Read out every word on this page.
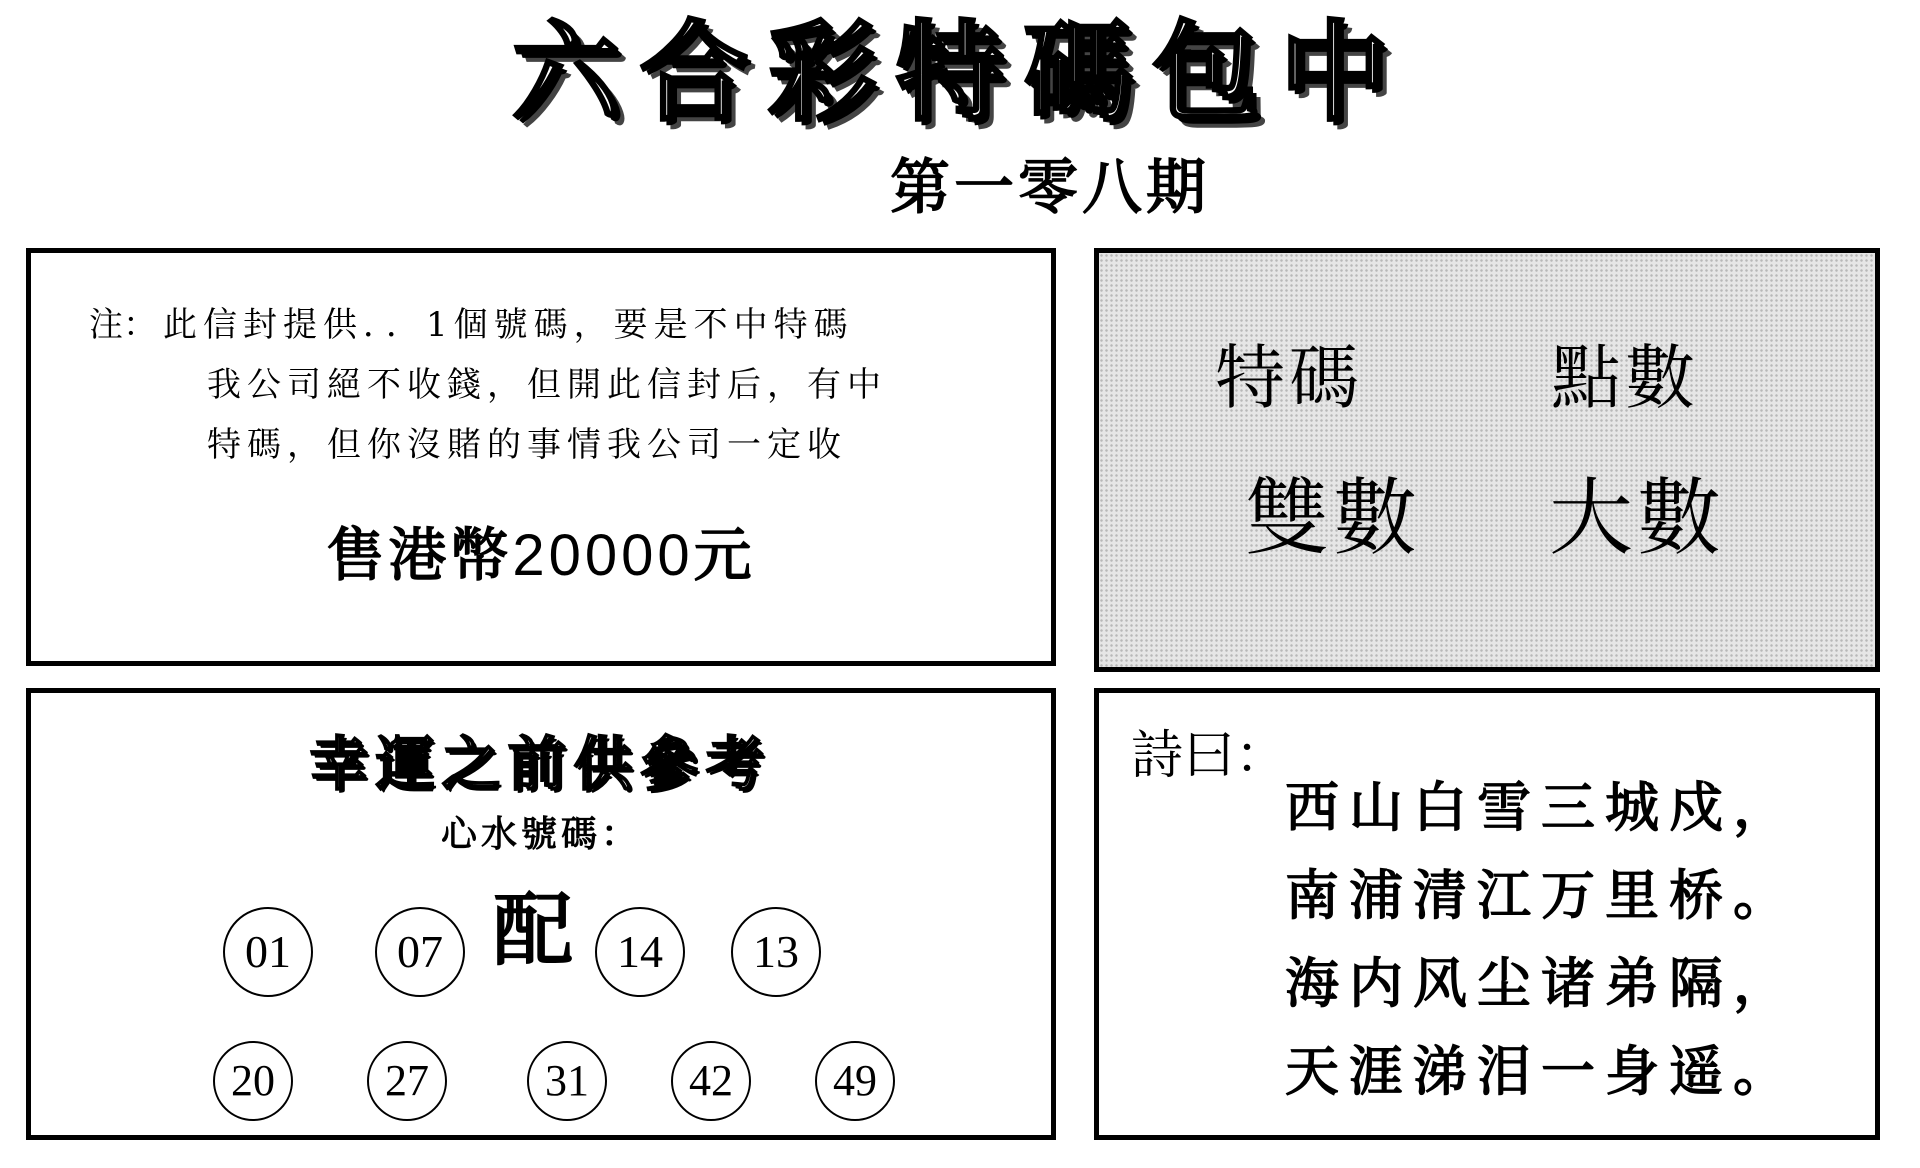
六合彩特碼包中
第一零八期
注： 此信封提供．．1個號碼，要是不中特碼
我公司絕不收錢，但開此信封后，有中
特碼，但你沒賭的事情我公司一定收
售港幣20000元
特碼	點數
雙數 大數
幸運之前供參考
心水號碼：
配
01	07	14	13
20	27	31	42	49
詩曰：
西山白雪三城戍，
南浦清江万里桥。
海内风尘诸弟隔，
天涯涕泪一身遥。
